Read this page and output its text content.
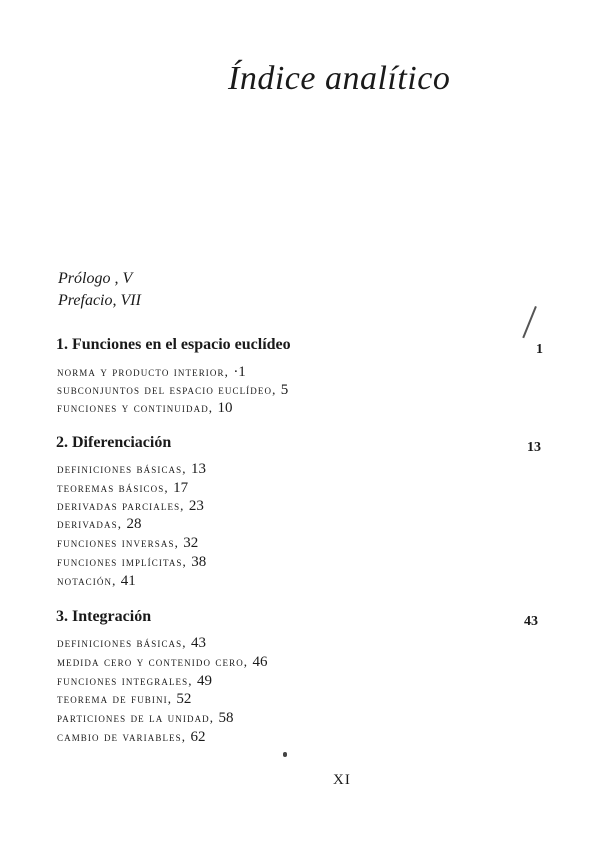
Índice analítico
Prólogo , V
Prefacio, VII
1. Funciones en el espacio euclídeo	1
norma y producto interior, ·1
subconjuntos del espacio euclídeo, 5
funciones y continuidad, 10
2. Diferenciación	13
definiciones básicas, 13
teoremas básicos, 17
derivadas parciales, 23
derivadas, 28
funciones inversas, 32
funciones implícitas, 38
notación, 41
3. Integración	43
definiciones básicas, 43
medida cero y contenido cero, 46
funciones integrales, 49
teorema de fubini, 52
particiones de la unidad, 58
cambio de variables, 62
XI
